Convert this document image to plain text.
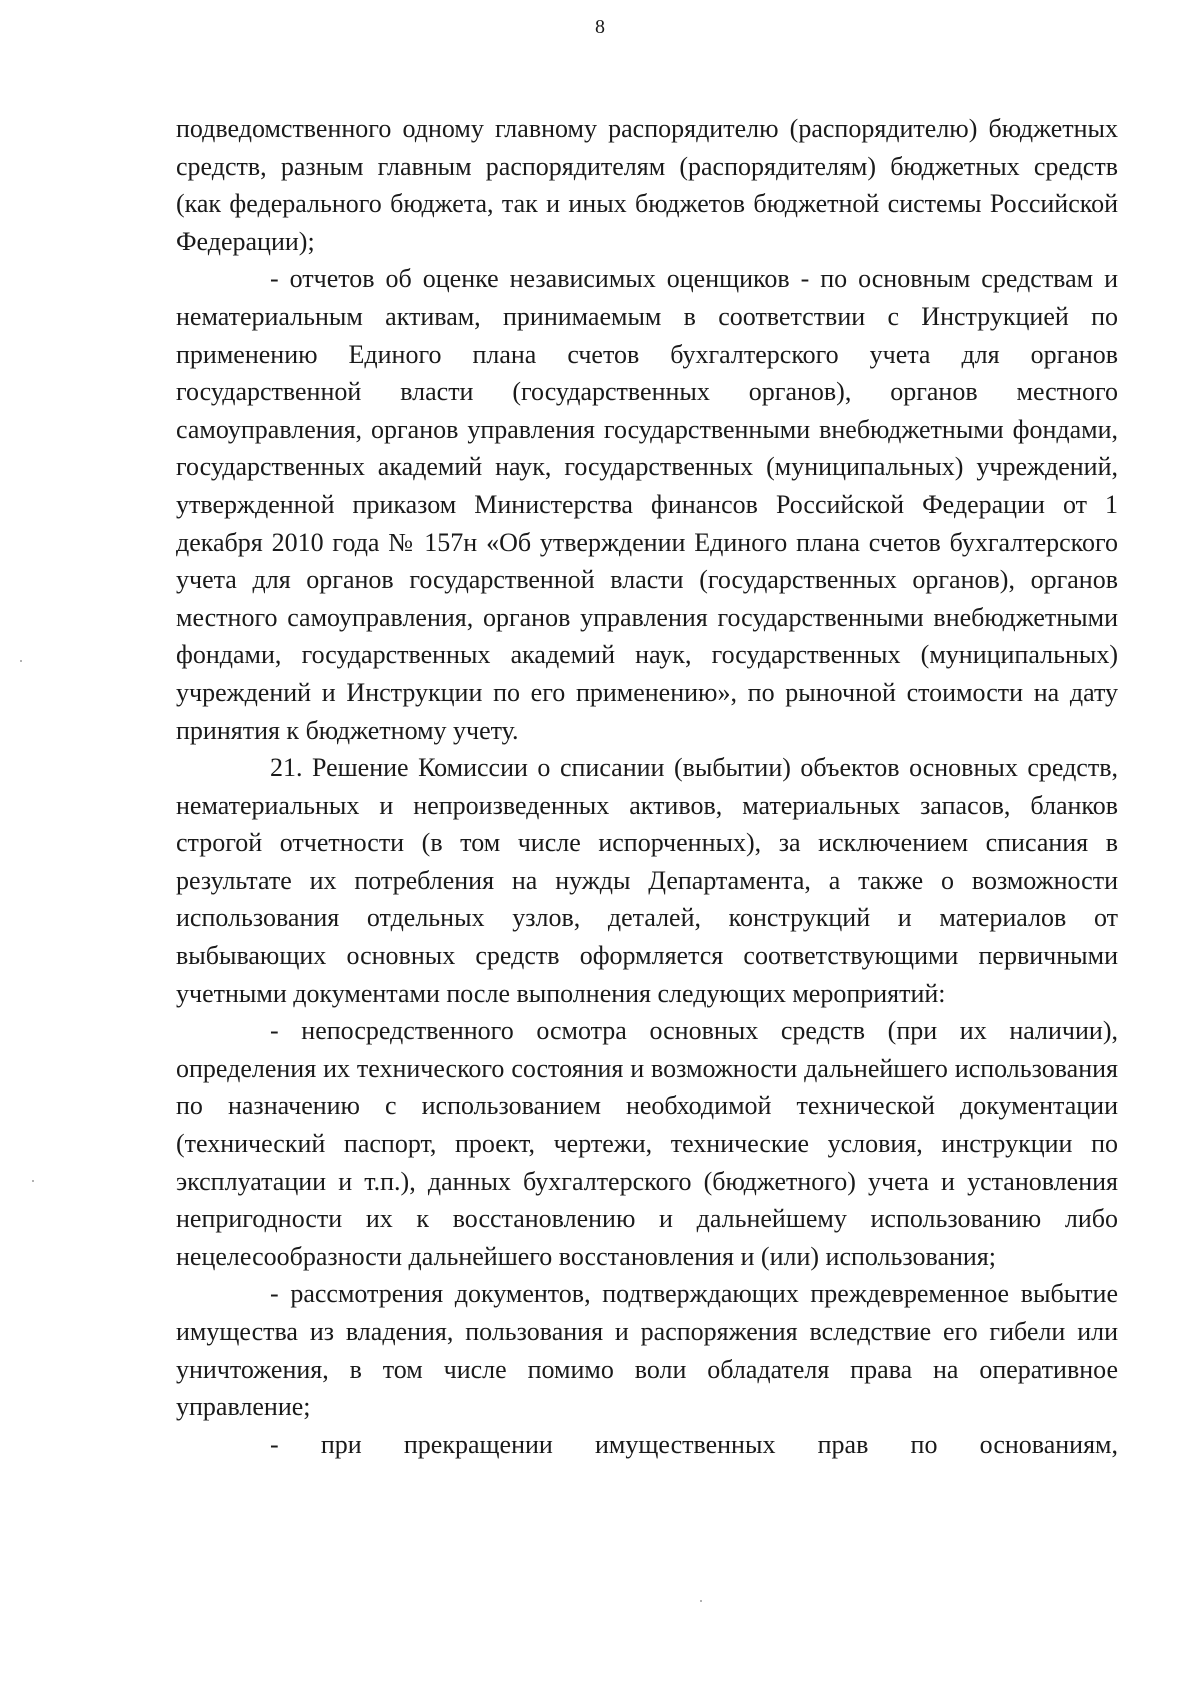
8

подведомственного одному главному распорядителю (распорядителю) бюджетных средств, разным главным распорядителям (распорядителям) бюджетных средств (как федерального бюджета, так и иных бюджетов бюджетной системы Российской Федерации);

- отчетов об оценке независимых оценщиков - по основным средствам и нематериальным активам, принимаемым в соответствии с Инструкцией по применению Единого плана счетов бухгалтерского учета для органов государственной власти (государственных органов), органов местного самоуправления, органов управления государственными внебюджетными фондами, государственных академий наук, государственных (муниципальных) учреждений, утвержденной приказом Министерства финансов Российской Федерации от 1 декабря 2010 года № 157н «Об утверждении Единого плана счетов бухгалтерского учета для органов государственной власти (государственных органов), органов местного самоуправления, органов управления государственными внебюджетными фондами, государственных академий наук, государственных (муниципальных) учреждений и Инструкции по его применению», по рыночной стоимости на дату принятия к бюджетному учету.

21. Решение Комиссии о списании (выбытии) объектов основных средств, нематериальных и непроизведенных активов, материальных запасов, бланков строгой отчетности (в том числе испорченных), за исключением списания в результате их потребления на нужды Департамента, а также о возможности использования отдельных узлов, деталей, конструкций и материалов от выбывающих основных средств оформляется соответствующими первичными учетными документами после выполнения следующих мероприятий:

- непосредственного осмотра основных средств (при их наличии), определения их технического состояния и возможности дальнейшего использования по назначению с использованием необходимой технической документации (технический паспорт, проект, чертежи, технические условия, инструкции по эксплуатации и т.п.), данных бухгалтерского (бюджетного) учета и установления непригодности их к восстановлению и дальнейшему использованию либо нецелесообразности дальнейшего восстановления и (или) использования;

- рассмотрения документов, подтверждающих преждевременное выбытие имущества из владения, пользования и распоряжения вследствие его гибели или уничтожения, в том числе помимо воли обладателя права на оперативное управление;

- при прекращении имущественных прав по основаниям,
